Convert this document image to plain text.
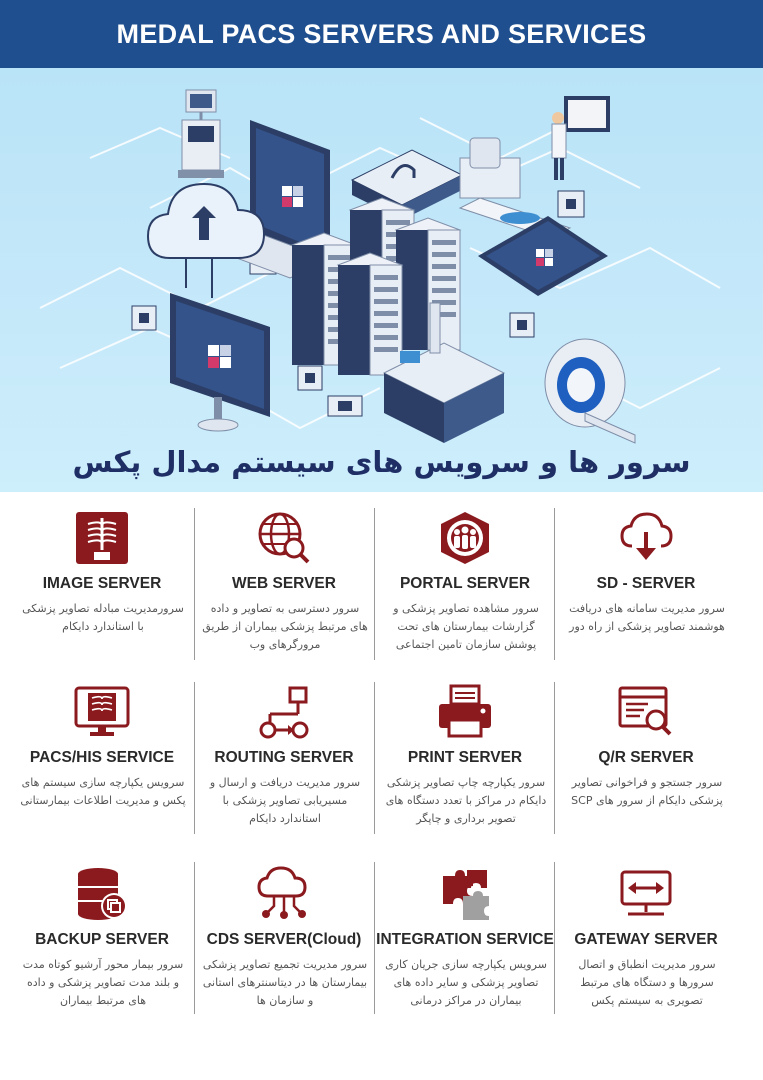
MEDAL PACS SERVERS AND SERVICES
سرور ها و سرویس های سیستم مدال پکس
IMAGE SERVER
سرورمدیریت مبادله تصاویر پزشکی با استاندارد دایکام
WEB SERVER
سرور دسترسی به تصاویر و داده های مرتبط پزشکی بیماران از طریق مرورگرهای وب
PORTAL SERVER
سرور مشاهده تصاویر پزشکی و گزارشات بیمارستان های تحت پوشش سازمان تامین اجتماعی
SD - SERVER
سرور مدیریت سامانه های دریافت هوشمند تصاویر پزشکی از راه دور
PACS/HIS SERVICE
سرویس یکپارچه سازی سیستم های پکس و مدیریت اطلاعات بیمارستانی
ROUTING SERVER
سرور مدیریت دریافت و ارسال و مسیریابی تصاویر پزشکی با استاندارد دایکام
PRINT SERVER
سرور یکپارچه چاپ تصاویر پزشکی دایکام در مراکز با تعدد دستگاه های تصویر برداری و چاپگر
Q/R SERVER
سرور جستجو و فراخوانی تصاویر پزشکی دایکام از سرور های SCP
BACKUP SERVER
سرور بیمار محور آرشیو کوتاه مدت و بلند مدت تصاویر پزشکی و داده های مرتبط بیماران
CDS SERVER(Cloud)
سرور مدیریت تجمیع تصاویر پزشکی بیمارستان ها در دیتاسنترهای استانی و سازمان ها
INTEGRATION SERVICE
سرویس یکپارچه سازی جریان کاری تصاویر پزشکی و سایر داده های بیماران در مراکز درمانی
GATEWAY SERVER
سرور مدیریت انطباق و اتصال سرورها و دستگاه های مرتبط تصویری به سیستم پکس
